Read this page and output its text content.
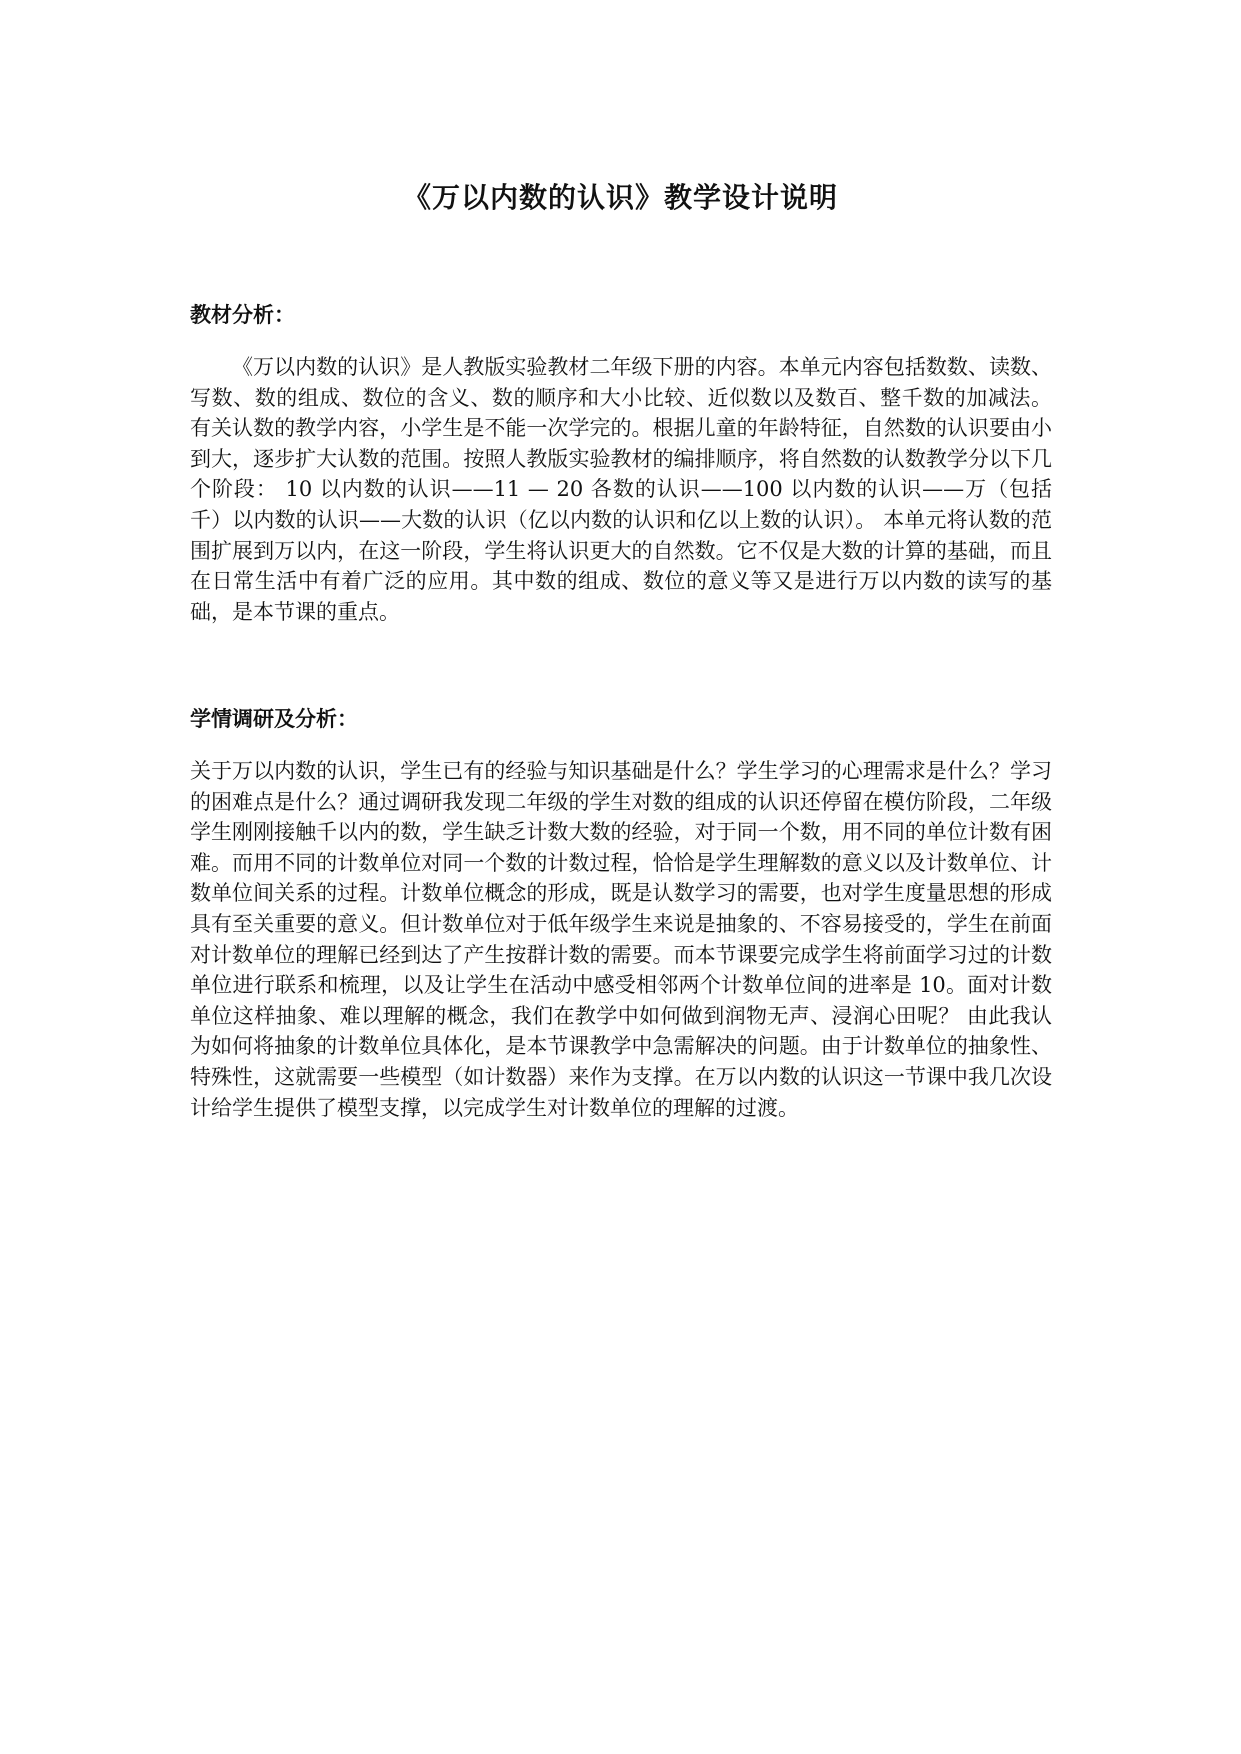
《万以内数的认识》教学设计说明
教材分析：

《万以内数的认识》是人教版实验教材二年级下册的内容。本单元内容包括数数、读数、写数、数的组成、数位的含义、数的顺序和大小比较、近似数以及数百、整千数的加减法。 有关认数的教学内容，小学生是不能一次学完的。根据儿童的年龄特征，自然数的认识要由小到大，逐步扩大认数的范围。按照人教版实验教材的编排顺序，将自然数的认数教学分以下几个阶段： 10 以内数的认识——11 — 20 各数的认识——100 以内数的认识——万（包括千）以内数的认识——大数的认识（亿以内数的认识和亿以上数的认识）。 本单元将认数的范围扩展到万以内，在这一阶段，学生将认识更大的自然数。它不仅是大数的计算的基础，而且在日常生活中有着广泛的应用。其中数的组成、数位的意义等又是进行万以内数的读写的基础，是本节课的重点。

学情调研及分析：

关于万以内数的认识，学生已有的经验与知识基础是什么？学生学习的心理需求是什么？学习的困难点是什么？通过调研我发现二年级的学生对数的组成的认识还停留在模仿阶段，二年级学生刚刚接触千以内的数，学生缺乏计数大数的经验，对于同一个数，用不同的单位计数有困难。而用不同的计数单位对同一个数的计数过程，恰恰是学生理解数的意义以及计数单位、计数单位间关系的过程。计数单位概念的形成，既是认数学习的需要，也对学生度量思想的形成具有至关重要的意义。但计数单位对于低年级学生来说是抽象的、不容易接受的，学生在前面对计数单位的理解已经到达了产生按群计数的需要。而本节课要完成学生将前面学习过的计数单位进行联系和梳理，以及让学生在活动中感受相邻两个计数单位间的进率是 10。面对计数单位这样抽象、难以理解的概念，我们在教学中如何做到润物无声、浸润心田呢？ 由此我认为如何将抽象的计数单位具体化，是本节课教学中急需解决的问题。由于计数单位的抽象性、特殊性，这就需要一些模型（如计数器）来作为支撑。在万以内数的认识这一节课中我几次设计给学生提供了模型支撑，以完成学生对计数单位的理解的过渡。
